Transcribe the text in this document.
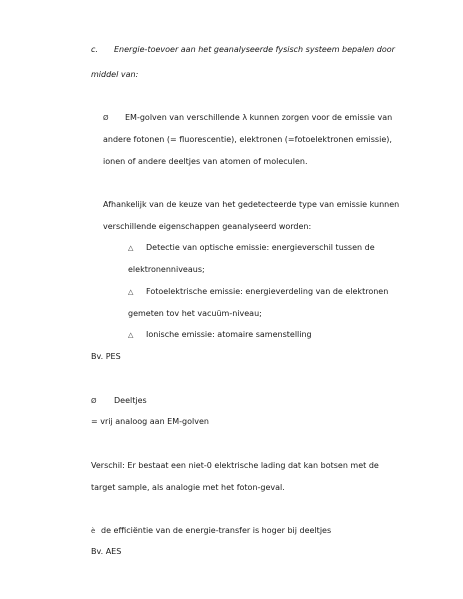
c. Energie-toevoer aan het geanalyseerde fysisch systeem bepalen door
middel van:
Ø EM-golven van verschillende λ kunnen zorgen voor de emissie van
andere fotonen (= fluorescentie), elektronen (=fotoelektronen emissie),
ionen of andere deeltjes van atomen of moleculen.
Afhankelijk van de keuze van het gedetecteerde type van emissie kunnen
verschillende eigenschappen geanalyseerd worden:
△ Detectie van optische emissie: energieverschil tussen de
elektronenniveaus;
△ Fotoelektrische emissie: energieverdeling van de elektronen
gemeten tov het vacuüm-niveau;
△ Ionische emissie: atomaire samenstelling
Bv. PES
Ø Deeltjes
= vrij analoog aan EM-golven
Verschil: Er bestaat een niet-0 elektrische lading dat kan botsen met de
target sample, als analogie met het foton-geval.
è de efficiëntie van de energie-transfer is hoger bij deeltjes
Bv. AES
